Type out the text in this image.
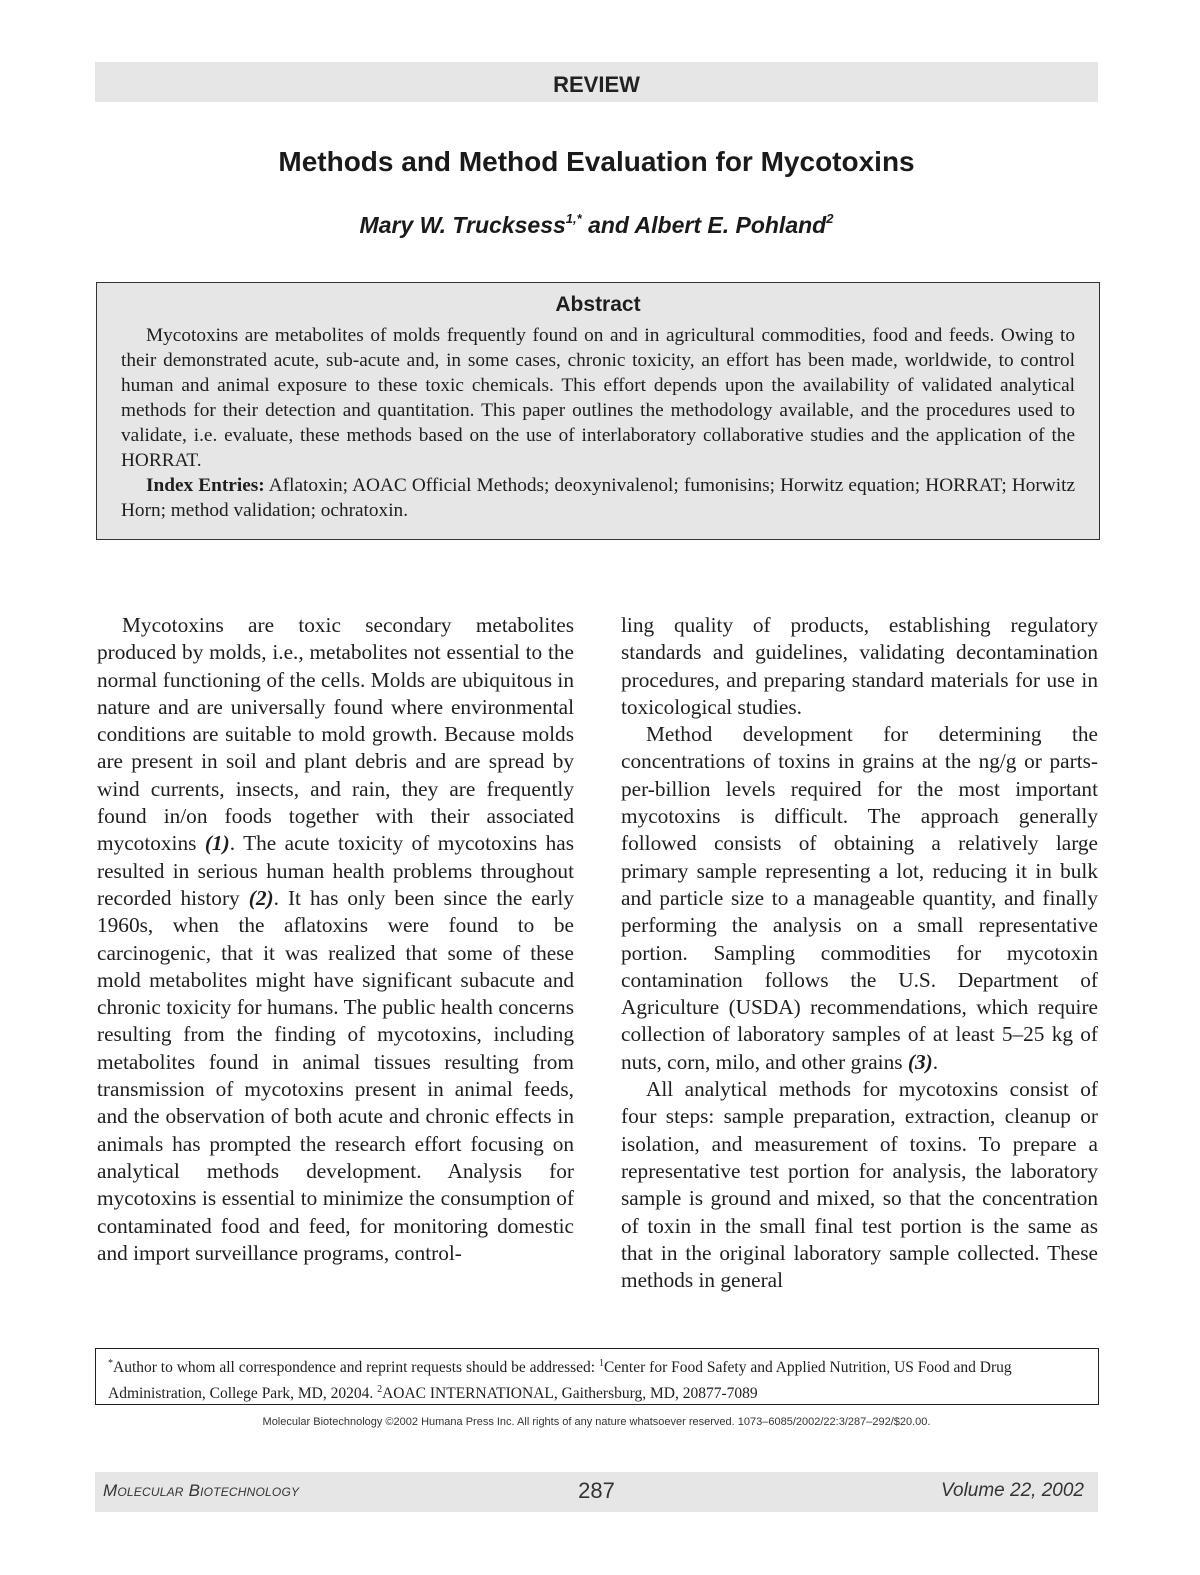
REVIEW
Methods and Method Evaluation for Mycotoxins
Mary W. Trucksess$^{1,*}$ and Albert E. Pohland$^2$
Abstract

Mycotoxins are metabolites of molds frequently found on and in agricultural commodities, food and feeds. Owing to their demonstrated acute, sub-acute and, in some cases, chronic toxicity, an effort has been made, worldwide, to control human and animal exposure to these toxic chemicals. This effort depends upon the availability of validated analytical methods for their detection and quantitation. This paper outlines the methodology available, and the procedures used to validate, i.e. evaluate, these methods based on the use of interlaboratory collaborative studies and the application of the HORRAT.

Index Entries: Aflatoxin; AOAC Official Methods; deoxynivalenol; fumonisins; Horwitz equation; HORRAT; Horwitz Horn; method validation; ochratoxin.

Mycotoxins are toxic secondary metabolites produced by molds, i.e., metabolites not essential to the normal functioning of the cells. Molds are ubiquitous in nature and are universally found where environmental conditions are suitable to mold growth. Because molds are present in soil and plant debris and are spread by wind currents, insects, and rain, they are frequently found in/on foods together with their associated mycotoxins (1). The acute toxicity of mycotoxins has resulted in serious human health problems throughout recorded history (2). It has only been since the early 1960s, when the aflatoxins were found to be carcinogenic, that it was realized that some of these mold metabolites might have significant subacute and chronic toxicity for humans. The public health concerns resulting from the finding of mycotoxins, including metabolites found in animal tissues resulting from transmission of mycotoxins present in animal feeds, and the observation of both acute and chronic effects in animals has prompted the research effort focusing on analytical methods development. Analysis for mycotoxins is essential to minimize the consumption of contaminated food and feed, for monitoring domestic and import surveillance programs, control-

ling quality of products, establishing regulatory standards and guidelines, validating decontamination procedures, and preparing standard materials for use in toxicological studies.

Method development for determining the concentrations of toxins in grains at the ng/g or parts-per-billion levels required for the most important mycotoxins is difficult. The approach generally followed consists of obtaining a relatively large primary sample representing a lot, reducing it in bulk and particle size to a manageable quantity, and finally performing the analysis on a small representative portion. Sampling commodities for mycotoxin contamination follows the U.S. Department of Agriculture (USDA) recommendations, which require collection of laboratory samples of at least 5–25 kg of nuts, corn, milo, and other grains (3).

All analytical methods for mycotoxins consist of four steps: sample preparation, extraction, cleanup or isolation, and measurement of toxins. To prepare a representative test portion for analysis, the laboratory sample is ground and mixed, so that the concentration of toxin in the small final test portion is the same as that in the original laboratory sample collected. These methods in general

*Author to whom all correspondence and reprint requests should be addressed: $^1$Center for Food Safety and Applied Nutrition, US Food and Drug Administration, College Park, MD, 20204. $^2$AOAC INTERNATIONAL, Gaithersburg, MD, 20877-7089
Molecular Biotechnology ©2002 Humana Press Inc. All rights of any nature whatsoever reserved. 1073–6085/2002/22:3/287–292/$20.00.
Molecular Biotechnology	287	Volume 22, 2002
